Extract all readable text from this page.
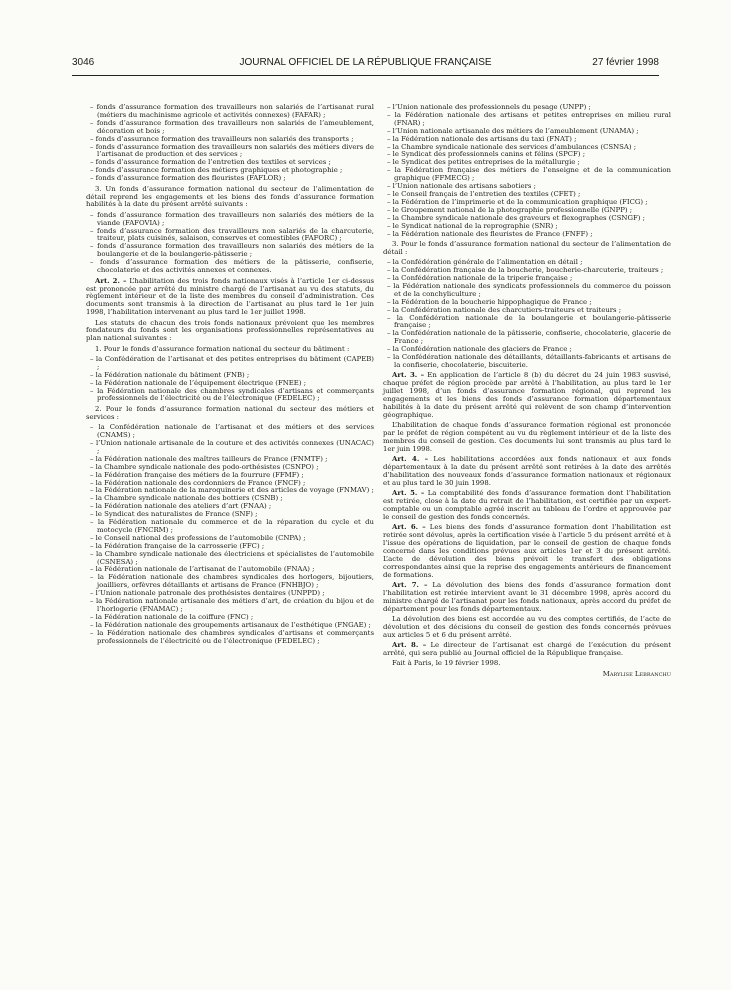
3046	JOURNAL OFFICIEL DE LA RÉPUBLIQUE FRANÇAISE	27 février 1998
– fonds d’assurance formation des travailleurs non salariés de l’artisanat rural (métiers du machinisme agricole et activités connexes) (FAFAR) ;
– fonds d’assurance formation des travailleurs non salariés de l’ameublement, décoration et bois ;
– fonds d’assurance formation des travailleurs non salariés des transports ;
– fonds d’assurance formation des travailleurs non salariés des métiers divers de l’artisanat de production et des services ;
– fonds d’assurance formation de l’entretien des textiles et services ;
– fonds d’assurance formation des métiers graphiques et photographie ;
– fonds d’assurance formation des fleuristes (FAFLOR) ;

3. Un fonds d’assurance formation national du secteur de l’alimentation de détail reprend les engagements et les biens des fonds d’assurance formation habilités à la date du présent arrêté suivants :

– fonds d’assurance formation des travailleurs non salariés des métiers de la viande (FAFOVIA) ;
– fonds d’assurance formation des travailleurs non salariés de la charcuterie, traiteur, plats cuisinés, salaison, conserves et comestibles (FAFORC) ;
– fonds d’assurance formation des travailleurs non salariés des métiers de la boulangerie et de la boulangerie-pâtisserie ;
– fonds d’assurance formation des métiers de la pâtisserie, confiserie, chocolaterie et des activités annexes et connexes.

Art. 2. – L’habilitation des trois fonds nationaux visés à l’article 1er ci-dessus est prononcée par arrêté du ministre chargé de l’artisanat au vu des statuts, du règlement intérieur et de la liste des membres du conseil d’administration. Ces documents sont transmis à la direction de l’artisanat au plus tard le 1er juin 1998, l’habilitation intervenant au plus tard le 1er juillet 1998.

Les statuts de chacun des trois fonds nationaux prévoient que les membres fondateurs du fonds sont les organisations professionnelles représentatives au plan national suivantes :

1. Pour le fonds d’assurance formation national du secteur du bâtiment :

– la Confédération de l’artisanat et des petites entreprises du bâtiment (CAPEB) ;
– la Fédération nationale du bâtiment (FNB) ;
– la Fédération nationale de l’équipement électrique (FNEE) ;
– la Fédération nationale des chambres syndicales d’artisans et commerçants professionnels de l’électricité ou de l’électronique (FEDELEC) ;

2. Pour le fonds d’assurance formation national du secteur des métiers et services :

– la Confédération nationale de l’artisanat et des métiers et des services (CNAMS) ;
– l’Union nationale artisanale de la couture et des activités connexes (UNACAC) ;
– la Fédération nationale des maîtres tailleurs de France (FNMTF) ;
– la Chambre syndicale nationale des podo-orthésistes (CSNPO) ;
– la Fédération française des métiers de la fourrure (FFMF) ;
– la Fédération nationale des cordonniers de France (FNCF) ;
– la Fédération nationale de la maroquinerie et des articles de voyage (FNMAV) ;
– la Chambre syndicale nationale des bottiers (CSNB) ;
– la Fédération nationale des ateliers d’art (FNAA) ;
– le Syndicat des naturalistes de France (SNF) ;
– la Fédération nationale du commerce et de la réparation du cycle et du motocycle (FNCRM) ;
– le Conseil national des professions de l’automobile (CNPA) ;
– la Fédération française de la carrosserie (FFC) ;
– la Chambre syndicale nationale des électriciens et spécialistes de l’automobile (CSNESA) ;
– la Fédération nationale de l’artisanat de l’automobile (FNAA) ;
– la Fédération nationale des chambres syndicales des horlogers, bijoutiers, joailliers, orfèvres détaillants et artisans de France (FNHBJO) ;
– l’Union nationale patronale des prothésistes dentaires (UNPPD) ;
– la Fédération nationale artisanale des métiers d’art, de création du bijou et de l’horlogerie (FNAMAC) ;
– la Fédération nationale de la coiffure (FNC) ;
– la Fédération nationale des groupements artisanaux de l’esthétique (FNGAE) ;
– la Fédération nationale des chambres syndicales d’artisans et commerçants professionnels de l’électricité ou de l’électronique (FEDELEC) ;
– l’Union nationale des professionnels du pesage (UNPP) ;
– la Fédération nationale des artisans et petites entreprises en milieu rural (FNAR) ;
– l’Union nationale artisanale des métiers de l’ameublement (UNAMA) ;
– la Fédération nationale des artisans du taxi (FNAT) ;
– la Chambre syndicale nationale des services d’ambulances (CSNSA) ;
– le Syndicat des professionnels canins et félins (SPCF) ;
– le Syndicat des petites entreprises de la métallurgie ;
– la Fédération française des métiers de l’enseigne et de la communication graphique (FFMECG) ;
– l’Union nationale des artisans sabotiers ;
– le Conseil français de l’entretien des textiles (CFET) ;
– la Fédération de l’imprimerie et de la communication graphique (FICG) ;
– le Groupement national de la photographie professionnelle (GNPP) ;
– la Chambre syndicale nationale des graveurs et flexographes (CSNGF) ;
– le Syndicat national de la reprographie (SNR) ;
– la Fédération nationale des fleuristes de France (FNFF) ;

3. Pour le fonds d’assurance formation national du secteur de l’alimentation de détail :

– la Confédération générale de l’alimentation en détail ;
– la Confédération française de la boucherie, boucherie-charcuterie, traiteurs ;
– la Confédération nationale de la triperie française ;
– la Fédération nationale des syndicats professionnels du commerce du poisson et de la conchyliculture ;
– la Fédération de la boucherie hippophagique de France ;
– la Confédération nationale des charcutiers-traiteurs et traiteurs ;
– la Confédération nationale de la boulangerie et boulangerie-pâtisserie française ;
– la Confédération nationale de la pâtisserie, confiserie, chocolaterie, glacerie de France ;
– la Confédération nationale des glaciers de France ;
– la Confédération nationale des détaillants, détaillants-fabricants et artisans de la confiserie, chocolaterie, biscuiterie.

Art. 3. – En application de l’article 8 (b) du décret du 24 juin 1983 susvisé, chaque préfet de région procède par arrêté à l’habilitation, au plus tard le 1er juillet 1998, d’un fonds d’assurance formation régional, qui reprend les engagements et les biens des fonds d’assurance formation départementaux habilités à la date du présent arrêté qui relèvent de son champ d’intervention géographique.

L’habilitation de chaque fonds d’assurance formation régional est prononcée par le préfet de région compétent au vu du règlement intérieur et de la liste des membres du conseil de gestion. Ces documents lui sont transmis au plus tard le 1er juin 1998.

Art. 4. – Les habilitations accordées aux fonds nationaux et aux fonds départementaux à la date du présent arrêté sont retirées à la date des arrêtés d’habilitation des nouveaux fonds d’assurance formation nationaux et régionaux et au plus tard le 30 juin 1998.

Art. 5. – La comptabilité des fonds d’assurance formation dont l’habilitation est retirée, close à la date du retrait de l’habilitation, est certifiée par un expert-comptable ou un comptable agréé inscrit au tableau de l’ordre et approuvée par le conseil de gestion des fonds concernés.

Art. 6. – Les biens des fonds d’assurance formation dont l’habilitation est retirée sont dévolus, après la certification visée à l’article 5 du présent arrêté et à l’issue des opérations de liquidation, par le conseil de gestion de chaque fonds concerné dans les conditions prévues aux articles 1er et 3 du présent arrêté. L’acte de dévolution des biens prévoit le transfert des obligations correspondantes ainsi que la reprise des engagements antérieurs de financement de formations.

Art. 7. – La dévolution des biens des fonds d’assurance formation dont l’habilitation est retirée intervient avant le 31 décembre 1998, après accord du ministre chargé de l’artisanat pour les fonds nationaux, après accord du préfet de département pour les fonds départementaux.

La dévolution des biens est accordée au vu des comptes certifiés, de l’acte de dévolution et des décisions du conseil de gestion des fonds concernés prévues aux articles 5 et 6 du présent arrêté.

Art. 8. – Le directeur de l’artisanat est chargé de l’exécution du présent arrêté, qui sera publié au Journal officiel de la République française.

Fait à Paris, le 19 février 1998.

Marylise Lebranchu
